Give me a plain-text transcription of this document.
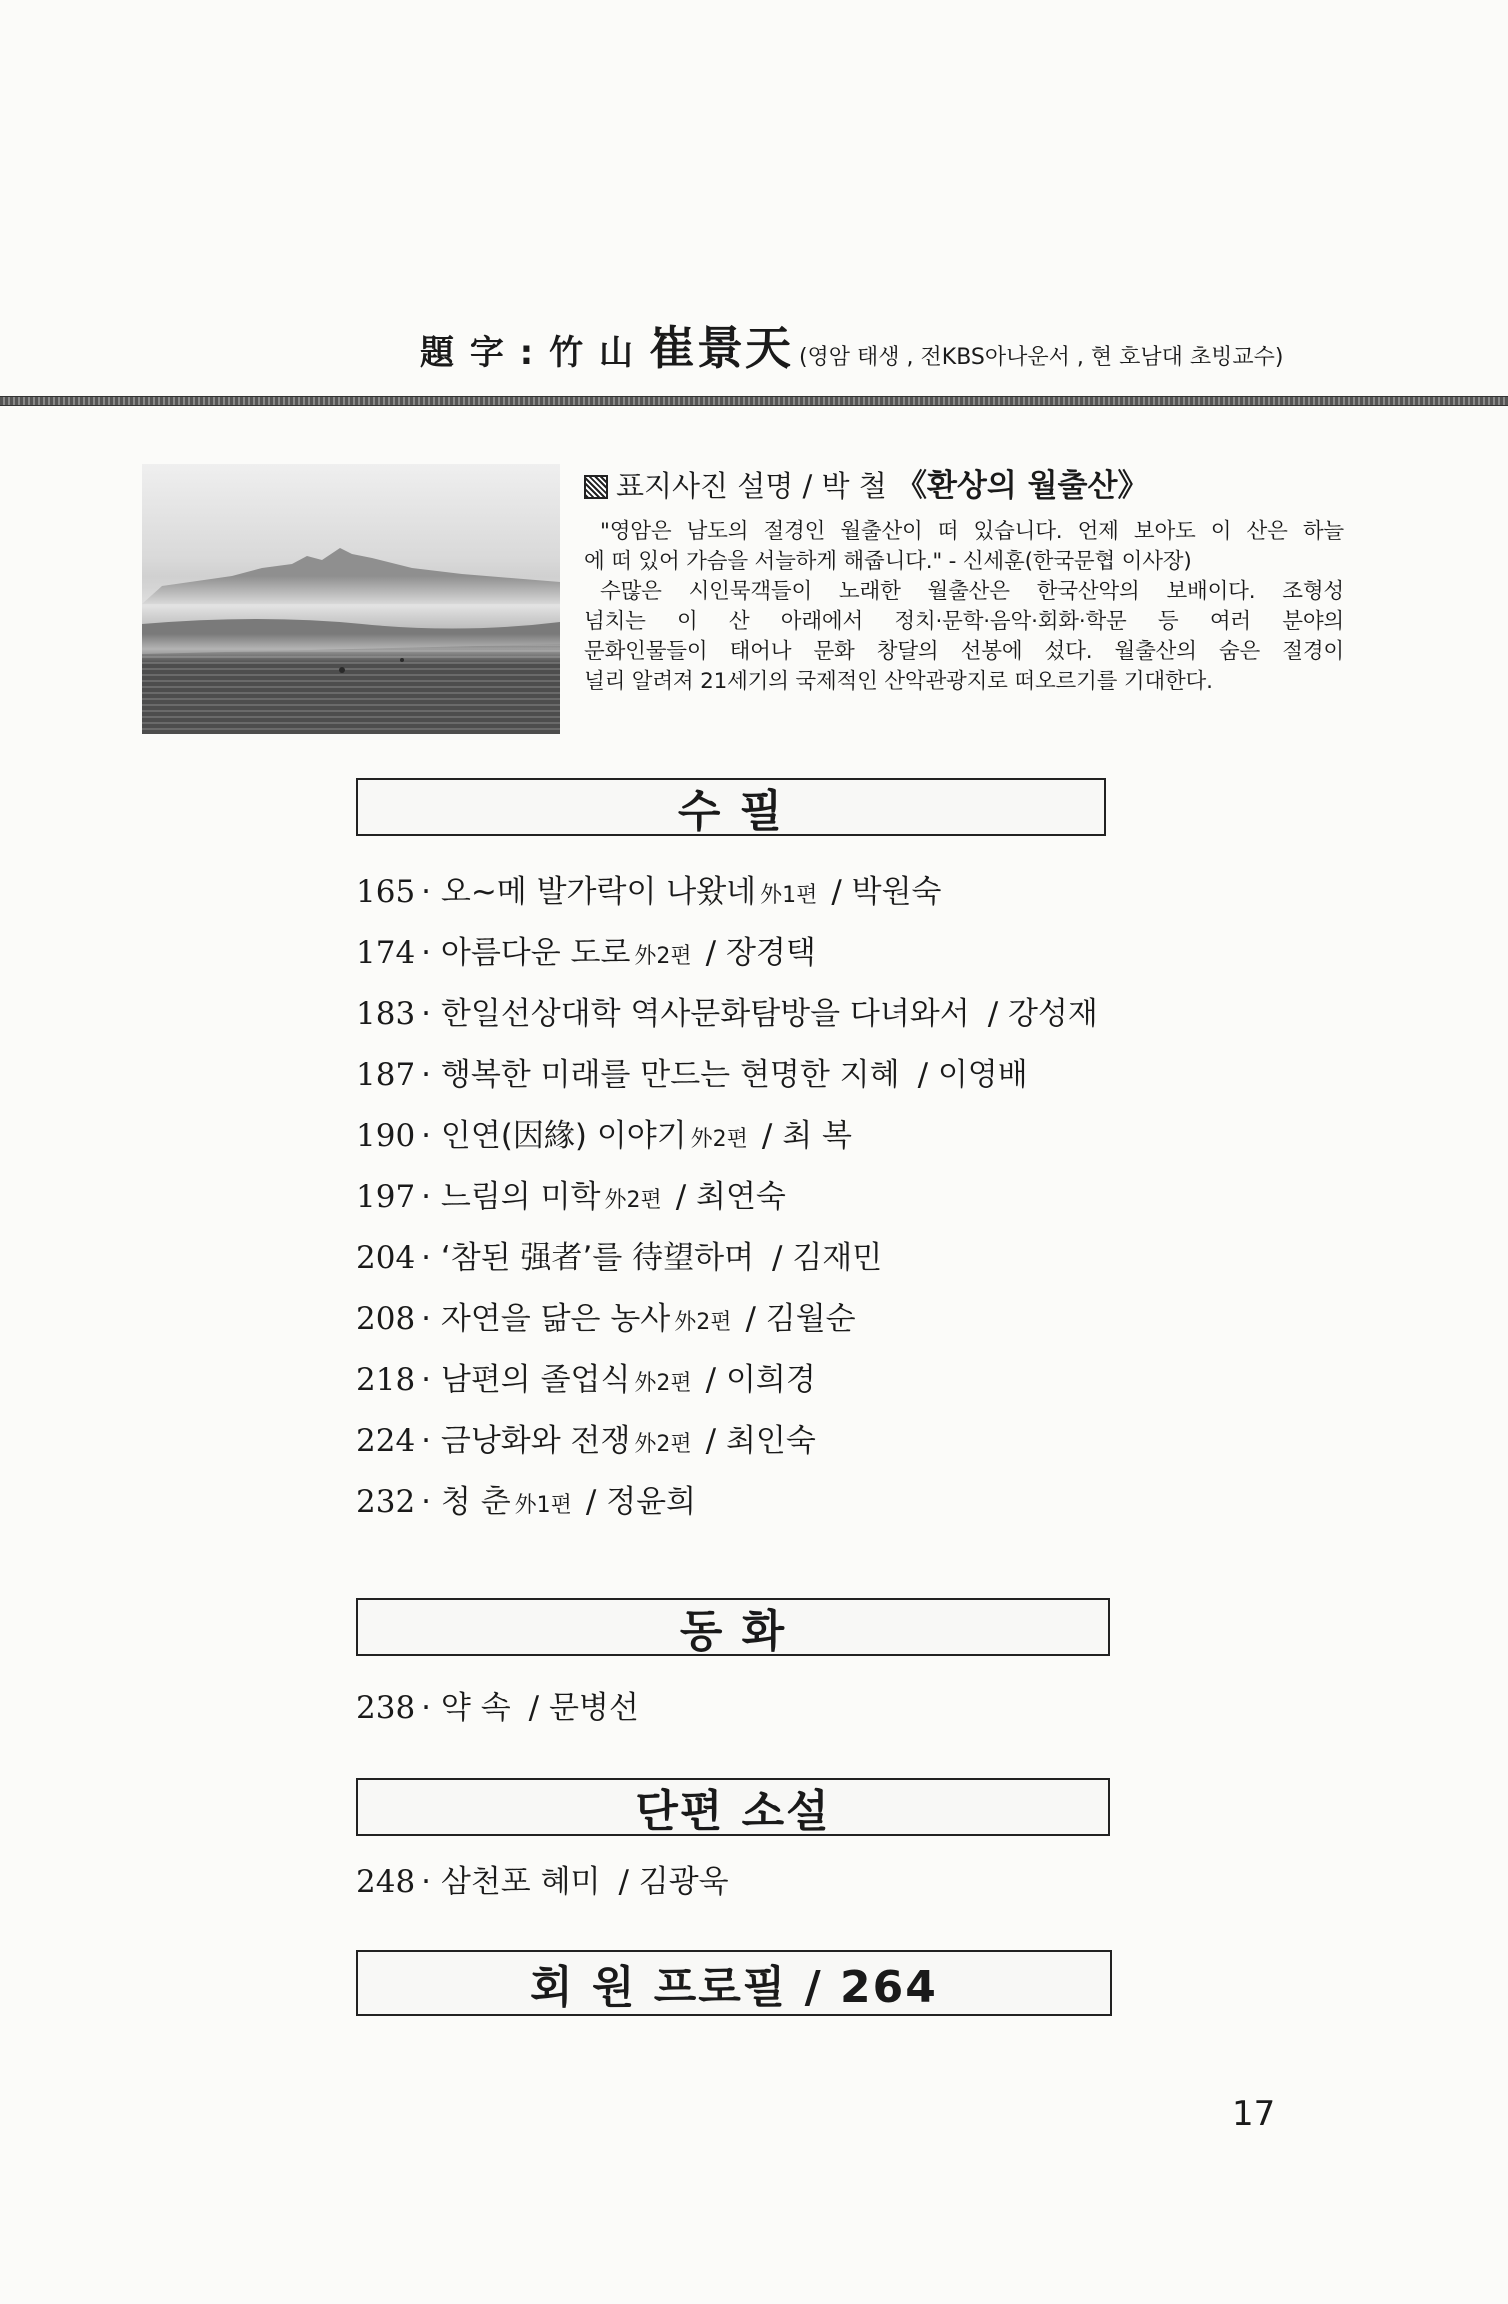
題 字 : 竹 山 崔景天 (영암 태생 , 전KBS아나운서 , 현 호남대 초빙교수)
표지사진 설명 / 박 철 《환상의 월출산》

"영암은 남도의 절경인 월출산이 떠 있습니다. 언제 보아도 이 산은 하늘

에 떠 있어 가슴을 서늘하게 해줍니다." - 신세훈(한국문협 이사장)

수많은 시인묵객들이 노래한 월출산은 한국산악의 보배이다. 조형성

넘치는 이 산 아래에서 정치·문학·음악·회화·학문 등 여러 분야의

문화인물들이 태어나 문화 창달의 선봉에 섰다. 월출산의 숨은 절경이

널리 알려져 21세기의 국제적인 산악관광지로 떠오르기를 기대한다.

수 필
165 · 오~메 발가락이 나왔네 外1편 / 박원숙
174 · 아름다운 도로 外2편 / 장경택
183 · 한일선상대학 역사문화탐방을 다녀와서 / 강성재
187 · 행복한 미래를 만드는 현명한 지혜 / 이영배
190 · 인연(因緣) 이야기 外2편 / 최 복
197 · 느림의 미학 外2편 / 최연숙
204 · ‘참된 强者’를 待望하며 / 김재민
208 · 자연을 닮은 농사 外2편 / 김월순
218 · 남편의 졸업식 外2편 / 이희경
224 · 금낭화와 전쟁 外2편 / 최인숙
232 · 청 춘 外1편 / 정윤희
동 화
238 · 약 속 / 문병선
단편 소설
248 · 삼천포 혜미 / 김광욱
회 원 프로필 / 264
17
